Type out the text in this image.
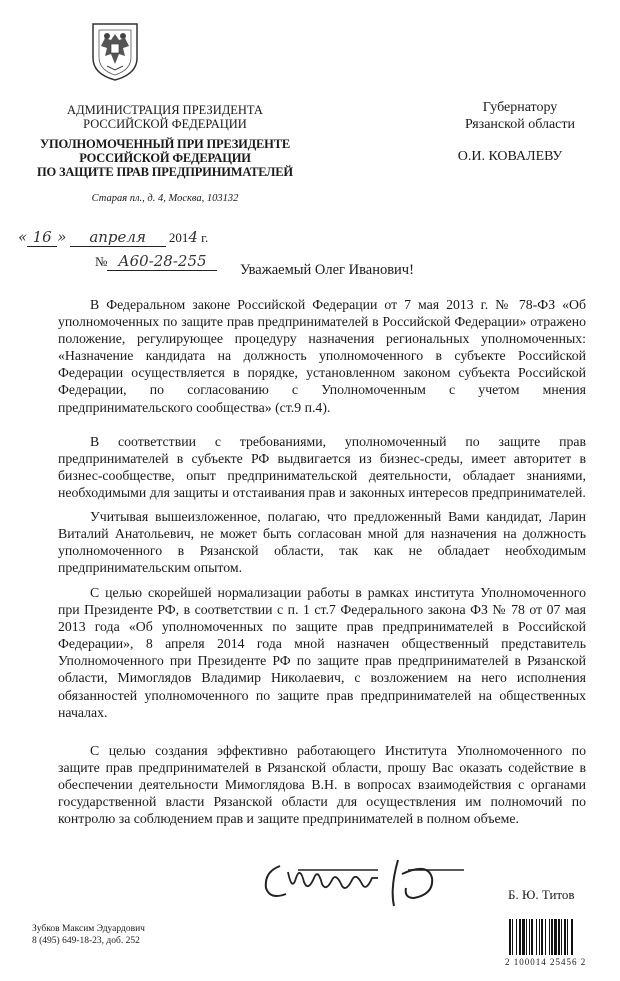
АДМИНИСТРАЦИЯ ПРЕЗИДЕНТА
РОССИЙСКОЙ ФЕДЕРАЦИИ
УПОЛНОМОЧЕННЫЙ ПРИ ПРЕЗИДЕНТЕ
РОССИЙСКОЙ ФЕДЕРАЦИИ
ПО ЗАЩИТЕ ПРАВ ПРЕДПРИНИМАТЕЛЕЙ
Старая пл., д. 4, Москва, 103132
Губернатору
Рязанской области
О.И. КОВАЛЕВУ
« 16 » апреля 2014 г.
№ А60-28-255	Уважаемый Олег Иванович!
В Федеральном законе Российской Федерации от 7 мая 2013 г. № 78-ФЗ «Об уполномоченных по защите прав предпринимателей в Российской Федерации» отражено положение, регулирующее процедуру назначения региональных уполномоченных: «Назначение кандидата на должность уполномоченного в субъекте Российской Федерации осуществляется в порядке, установленном законом субъекта Российской Федерации, по согласованию с Уполномоченным с учетом мнения предпринимательского сообщества» (ст.9 п.4).
В соответствии с требованиями, уполномоченный по защите прав предпринимателей в субъекте РФ выдвигается из бизнес-среды, имеет авторитет в бизнес-сообществе, опыт предпринимательской деятельности, обладает знаниями, необходимыми для защиты и отстаивания прав и законных интересов предпринимателей.
Учитывая вышеизложенное, полагаю, что предложенный Вами кандидат, Ларин Виталий Анатольевич, не может быть согласован мной для назначения на должность уполномоченного в Рязанской области, так как не обладает необходимым предпринимательским опытом.
С целью скорейшей нормализации работы в рамках института Уполномоченного при Президенте РФ, в соответствии с п. 1 ст.7 Федерального закона ФЗ № 78 от 07 мая 2013 года «Об уполномоченных по защите прав предпринимателей в Российской Федерации», 8 апреля 2014 года мной назначен общественный представитель Уполномоченного при Президенте РФ по защите прав предпринимателей в Рязанской области, Мимоглядов Владимир Николаевич, с возложением на него исполнения обязанностей уполномоченного по защите прав предпринимателей на общественных началах.
С целью создания эффективно работающего Института Уполномоченного по защите прав предпринимателей в Рязанской области, прошу Вас оказать содействие в обеспечении деятельности Мимоглядова В.Н. в вопросах взаимодействия с органами государственной власти Рязанской области для осуществления им полномочий по контролю за соблюдением прав и защите предпринимателей в полном объеме.
Б. Ю. Титов
Зубков Максим Эдуардович
8 (495) 649-18-23, доб. 252
2 100014 25456 2
